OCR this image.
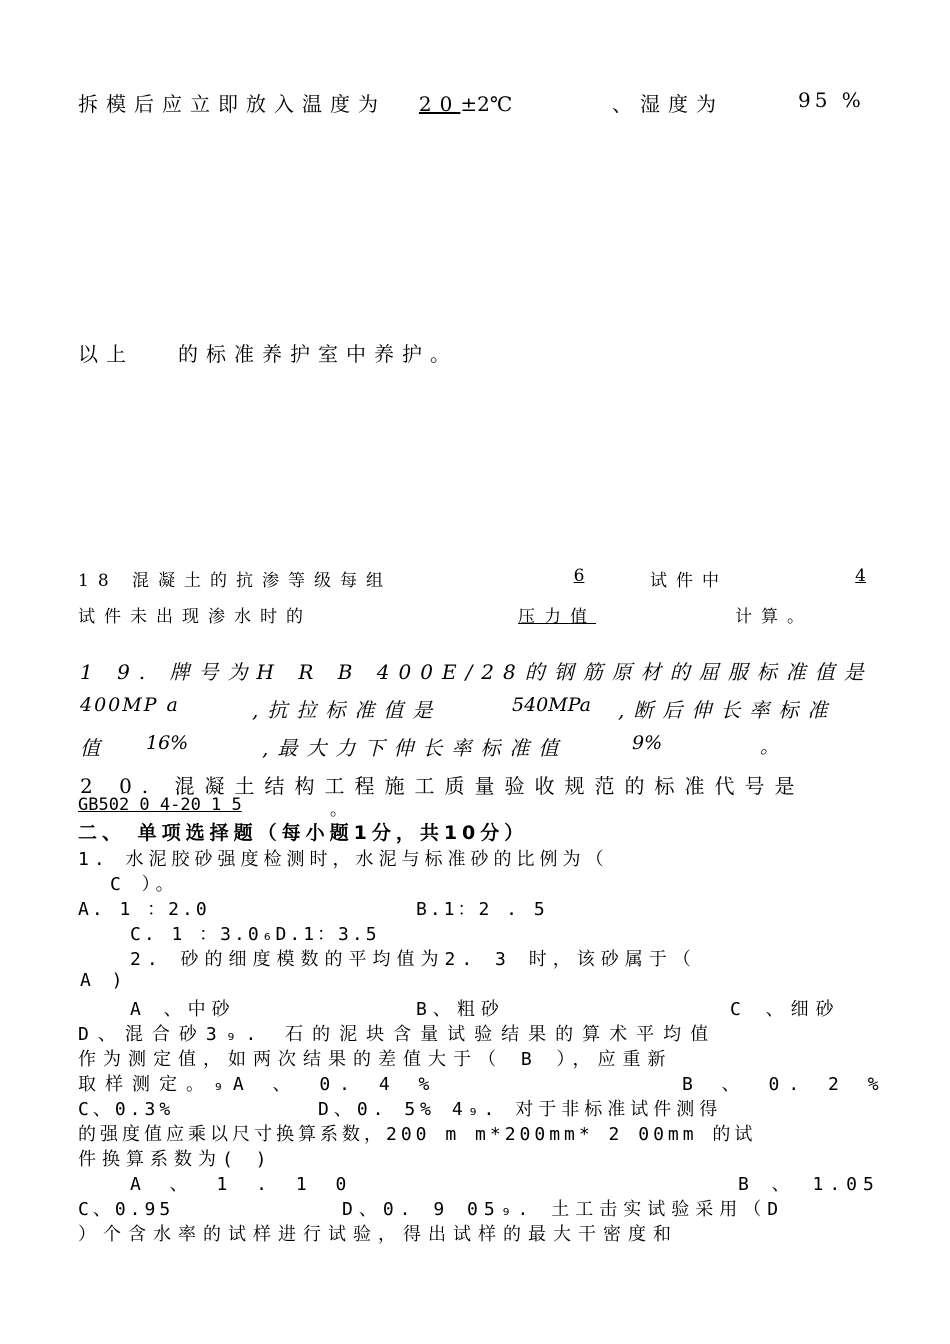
拆模后应立即放入温度为 20±2℃	、湿度为	95 %
以上 的标准养护室中养护。
18 混凝土的抗渗等级每组	6	试件中	4
试件未出现渗水时的	压力值	计算。
1 9. 牌号为H R B 400E/28的钢筋原材的屈服标准值是
400MP a	,抗拉标准值是	540MPa ,断后伸长率标准
值 16%	,最大力下伸长率标准值	9%	。
2 0. 混凝土结构工程施工质量验收规范的标准代号是
GB502 0 4-20 1 5	。
二、 单项选择题（每小题1分，共10分）
1. 水泥胶砂强度检测时，水泥与标准砂的比例为（
C ）。
A. 1 ：2.0	B.1：2 . 5
C. 1 ：3.0₆D.1：3.5
2. 砂的细度模数的平均值为2. 3 时，该砂属于（
A )
A 、中砂	B、粗砂	C 、细砂
D、混合砂3₉. 石的泥块含量试验结果的算术平均值
作为测定值，如两次结果的差值大于（ B ），应重新
取样测定。₉A 、 0. 4 %	B 、 0. 2 %
C、0.3%	D、0. 5% 4₉. 对于非标准试件测得
的强度值应乘以尺寸换算系数，200 m m*200mm* 2 00mm 的试
件换算系数为( )
A 、 1 . 1 0	B 、 1.05
C、0.95	D、0. 9 05₉. 土工击实试验采用（D
）个含水率的试样进行试验，得出试样的最大干密度和
